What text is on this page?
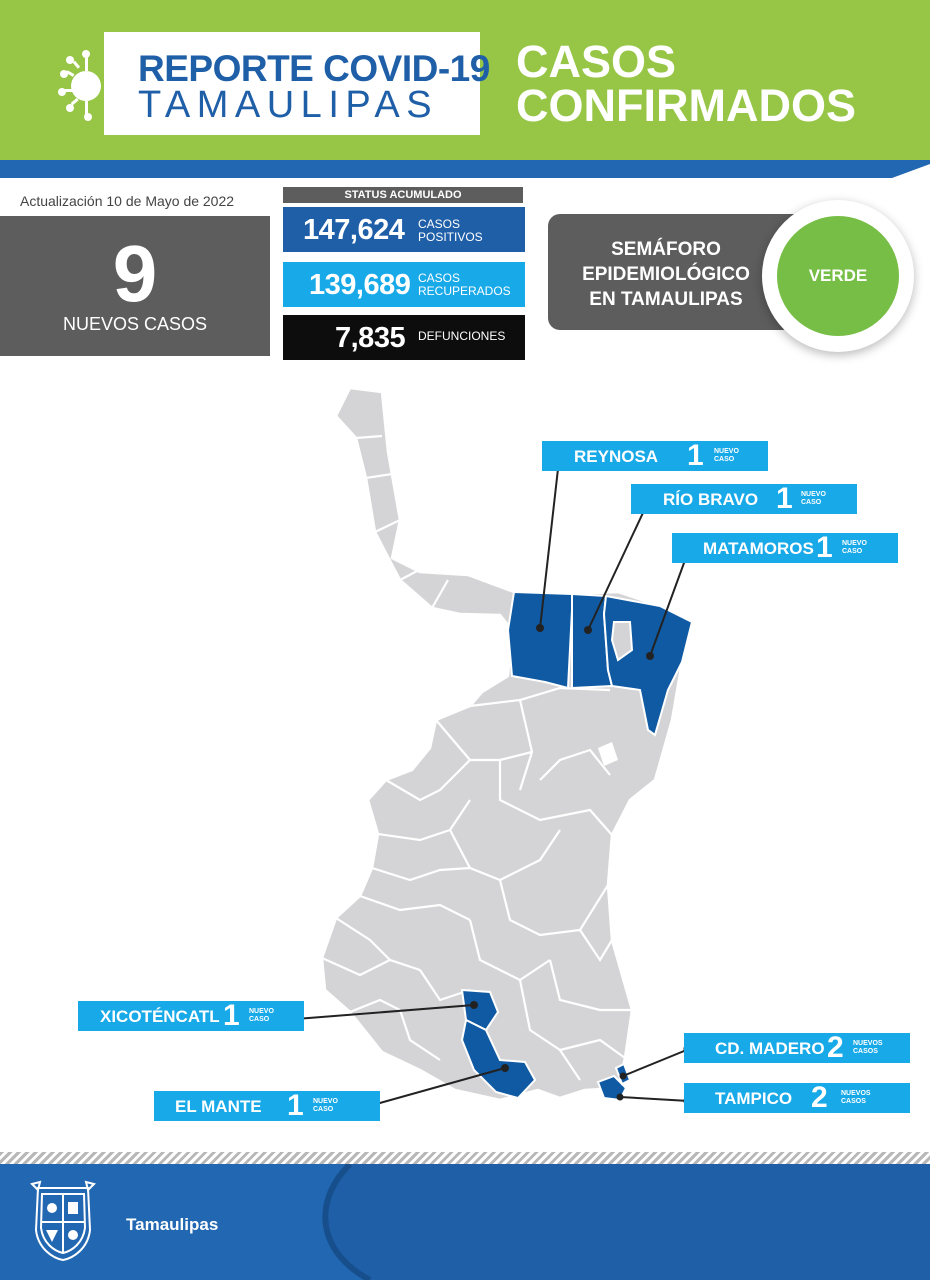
REPORTE COVID-19
TAMAULIPAS
CASOS
CONFIRMADOS
Actualización 10 de Mayo de 2022
9
NUEVOS CASOS
STATUS ACUMULADO
147,624 CASOS
POSITIVOS
139,689 CASOS
RECUPERADOS
7,835 DEFUNCIONES
SEMÁFORO
EPIDEMIOLÓGICO
EN TAMAULIPAS
VERDE
REYNOSA 1 NUEVO
CASO
RÍO BRAVO 1 NUEVO
CASO
MATAMOROS 1 NUEVO
CASO
XICOTÉNCATL 1 NUEVO
CASO
EL MANTE 1 NUEVO
CASO
CD. MADERO 2 NUEVOS
CASOS
TAMPICO 2 NUEVOS
CASOS
Tamaulipas
